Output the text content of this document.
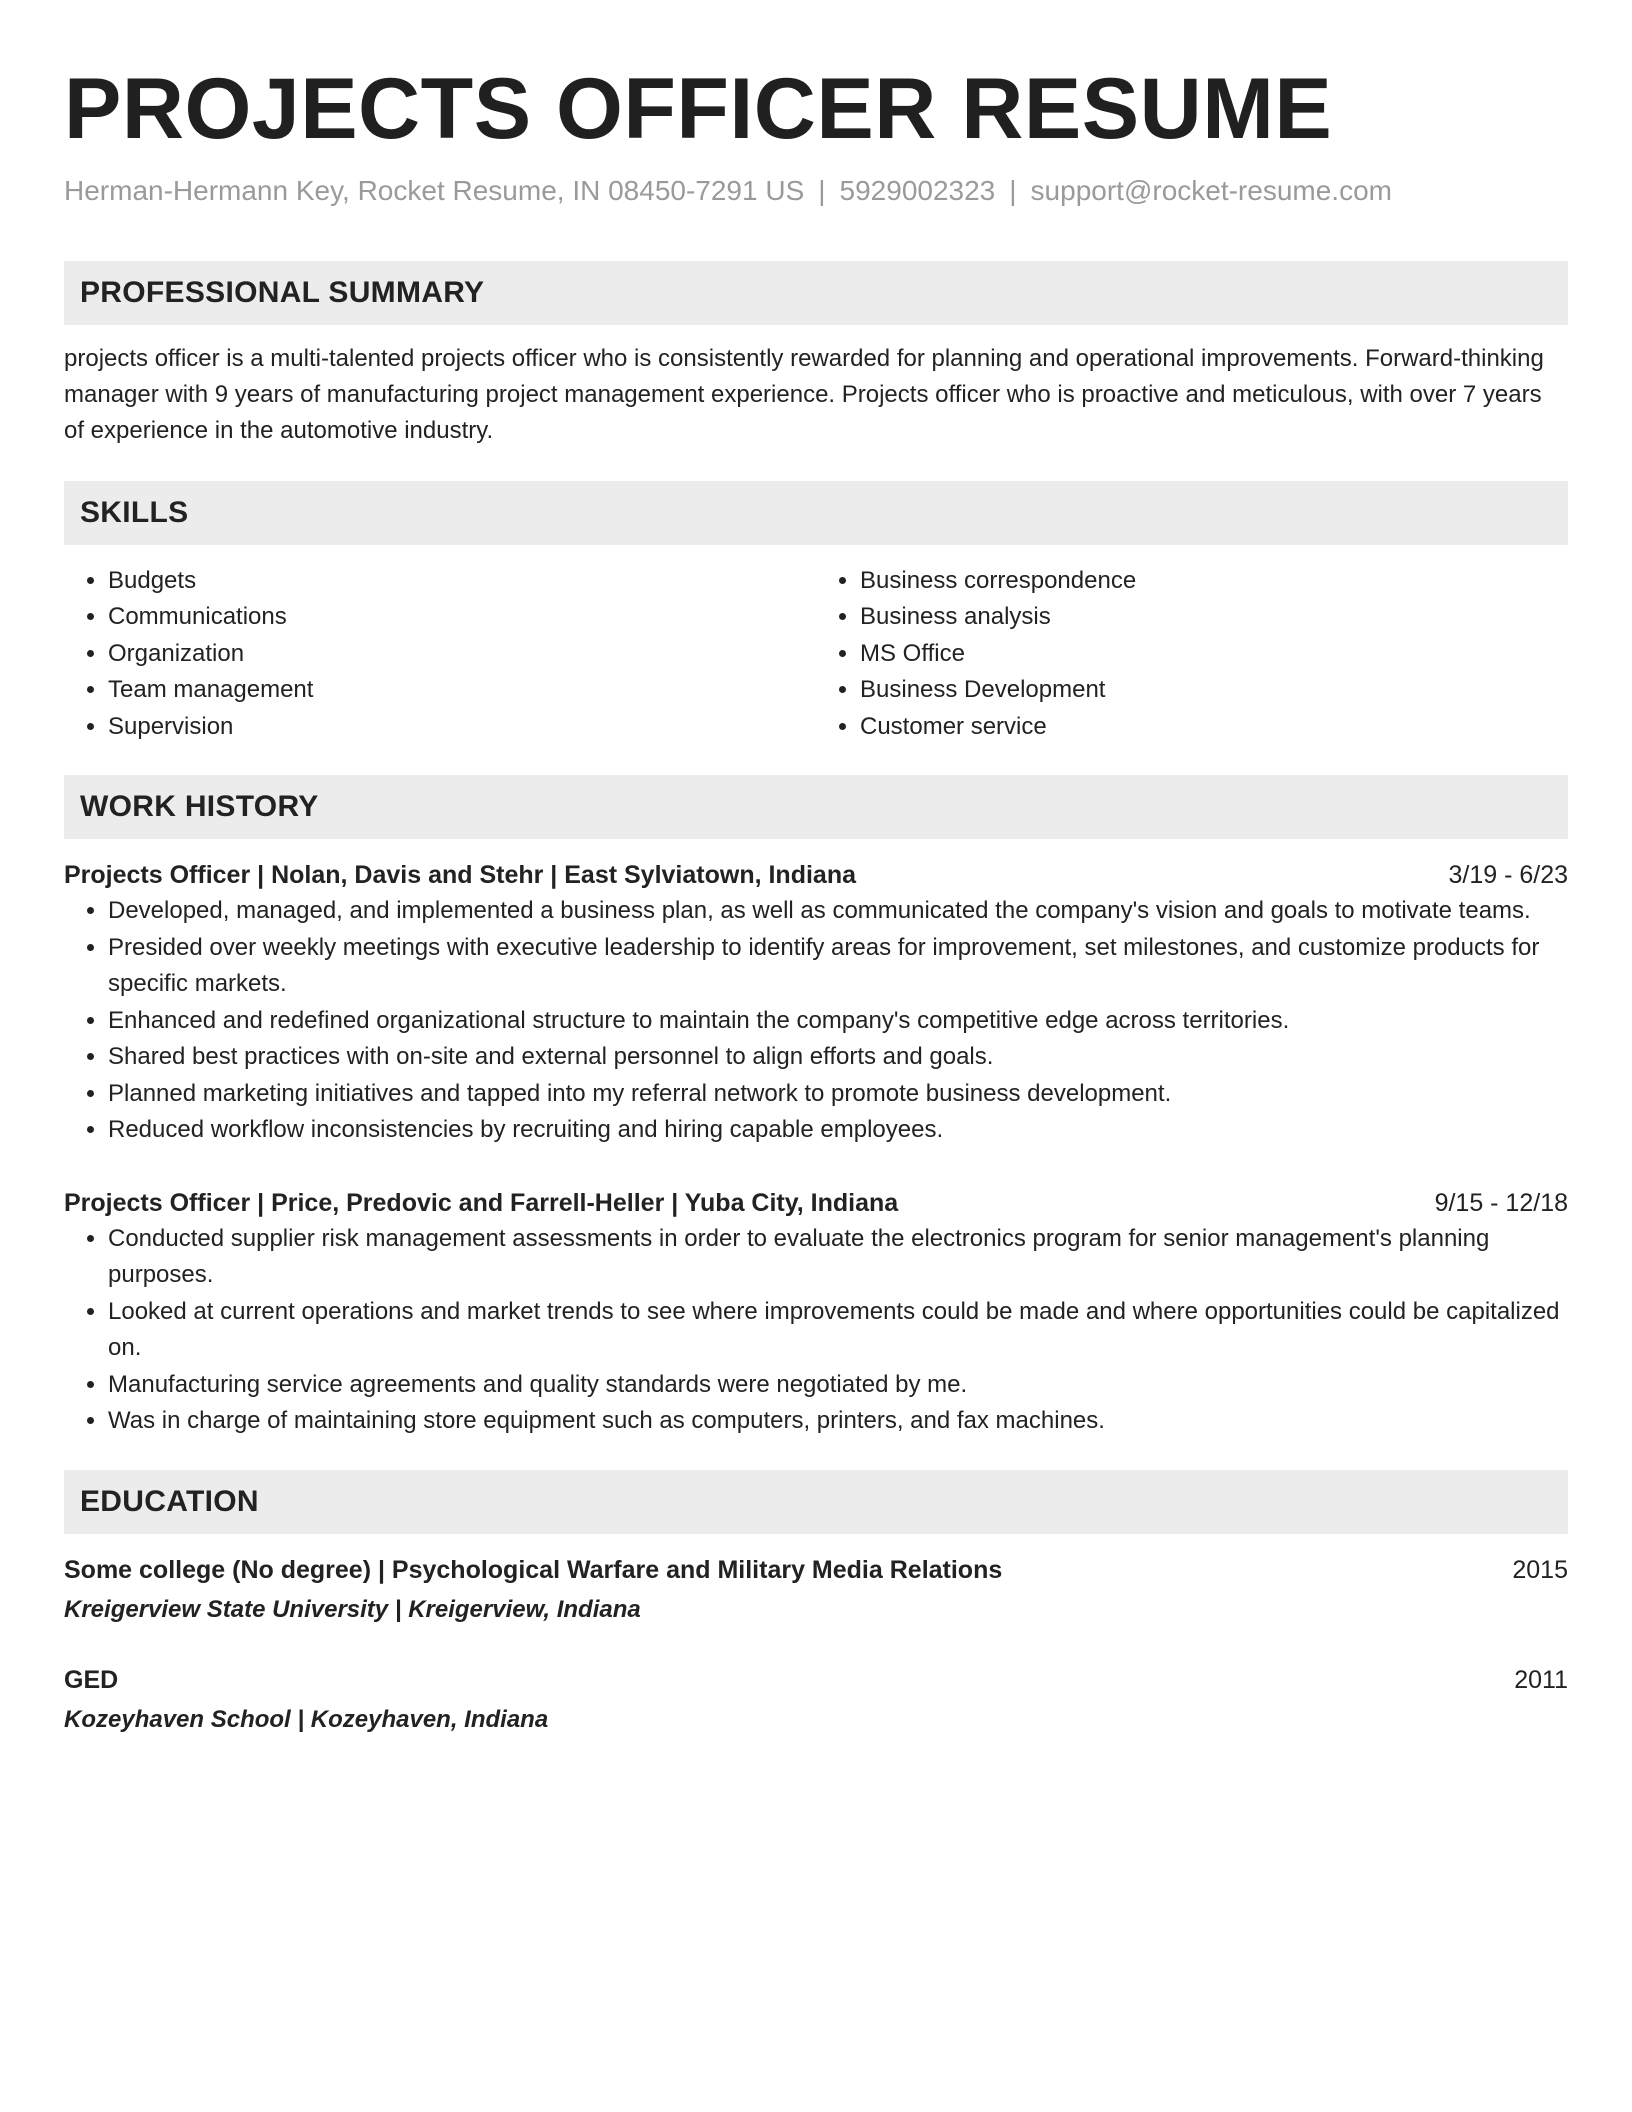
PROJECTS OFFICER RESUME
Herman-Hermann Key, Rocket Resume, IN 08450-7291 US | 5929002323 | support@rocket-resume.com
PROFESSIONAL SUMMARY
projects officer is a multi-talented projects officer who is consistently rewarded for planning and operational improvements. Forward-thinking manager with 9 years of manufacturing project management experience. Projects officer who is proactive and meticulous, with over 7 years of experience in the automotive industry.
SKILLS
• Budgets
• Communications
• Organization
• Team management
• Supervision
• Business correspondence
• Business analysis
• MS Office
• Business Development
• Customer service
WORK HISTORY
Projects Officer | Nolan, Davis and Stehr | East Sylviatown, Indiana	3/19 - 6/23
• Developed, managed, and implemented a business plan, as well as communicated the company's vision and goals to motivate teams.
• Presided over weekly meetings with executive leadership to identify areas for improvement, set milestones, and customize products for specific markets.
• Enhanced and redefined organizational structure to maintain the company's competitive edge across territories.
• Shared best practices with on-site and external personnel to align efforts and goals.
• Planned marketing initiatives and tapped into my referral network to promote business development.
• Reduced workflow inconsistencies by recruiting and hiring capable employees.
Projects Officer | Price, Predovic and Farrell-Heller | Yuba City, Indiana	9/15 - 12/18
• Conducted supplier risk management assessments in order to evaluate the electronics program for senior management's planning purposes.
• Looked at current operations and market trends to see where improvements could be made and where opportunities could be capitalized on.
• Manufacturing service agreements and quality standards were negotiated by me.
• Was in charge of maintaining store equipment such as computers, printers, and fax machines.
EDUCATION
Some college (No degree) | Psychological Warfare and Military Media Relations	2015
Kreigerview State University | Kreigerview, Indiana
GED	2011
Kozeyhaven School | Kozeyhaven, Indiana
